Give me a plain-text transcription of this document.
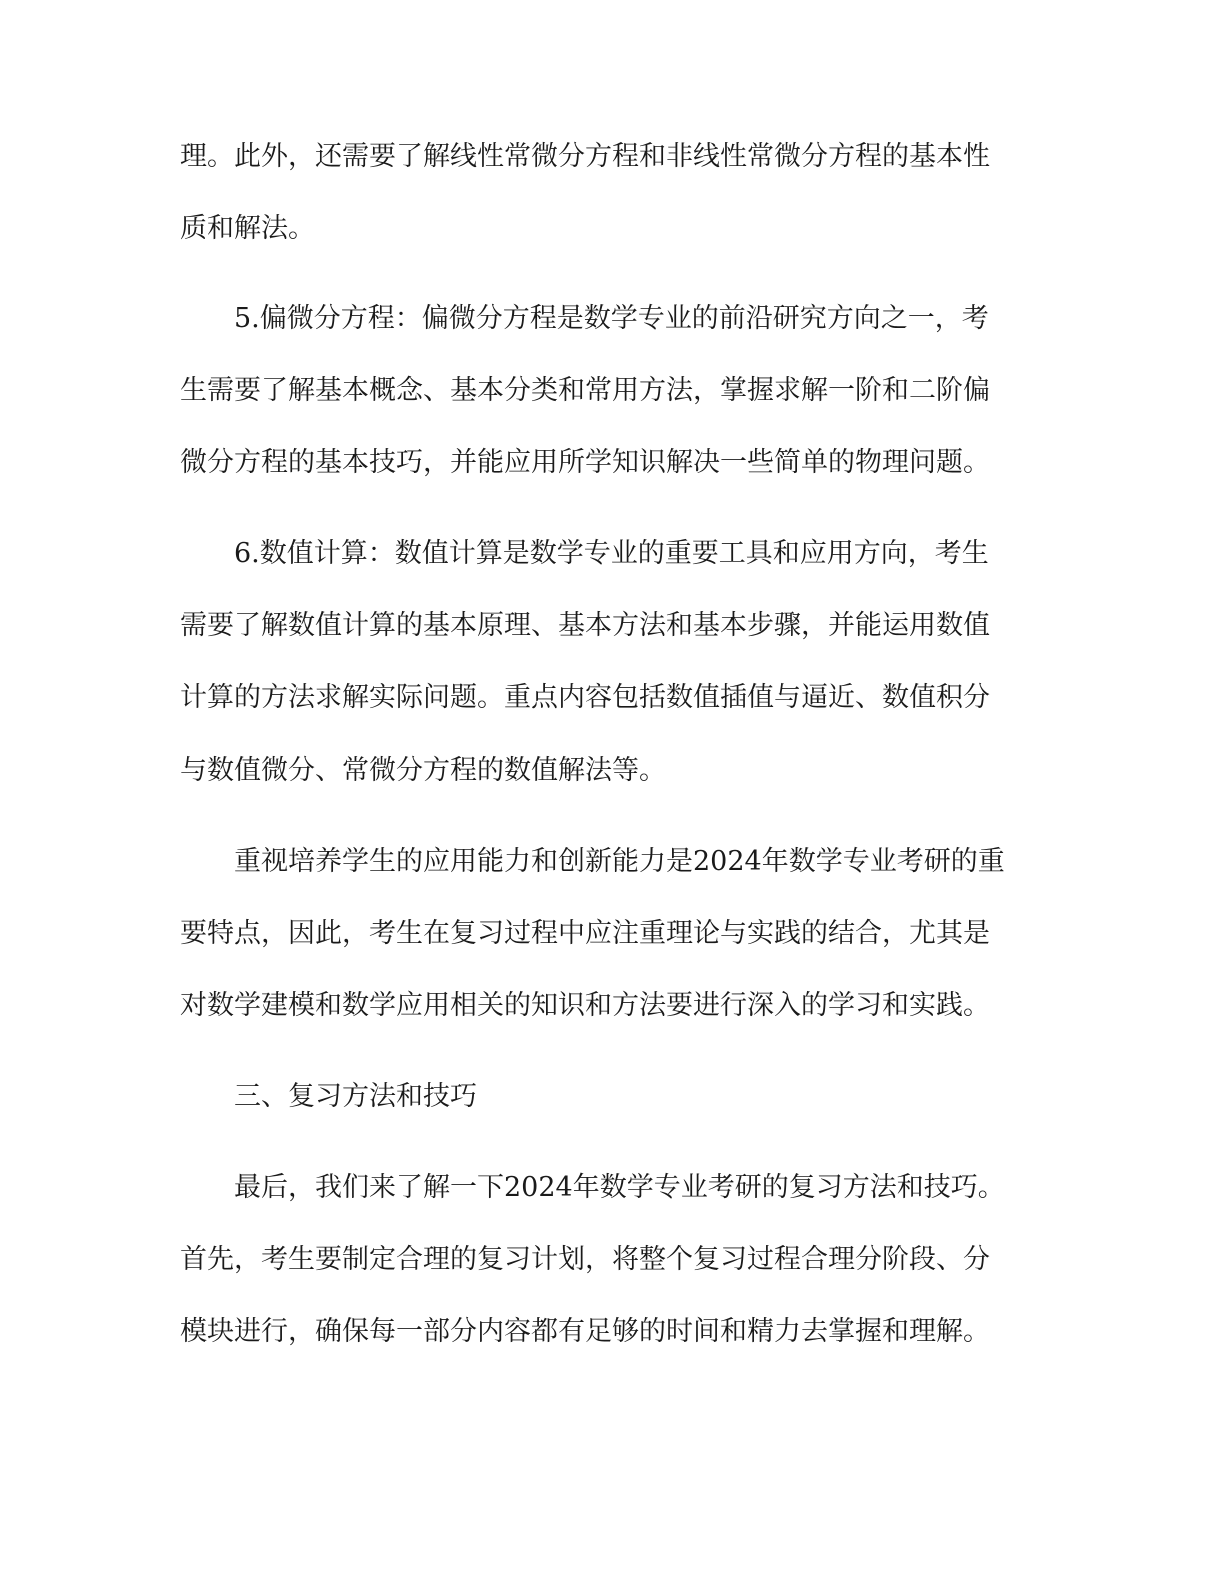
理。此外，还需要了解线性常微分方程和非线性常微分方程的基本性

质和解法。

5.偏微分方程：偏微分方程是数学专业的前沿研究方向之一，考

生需要了解基本概念、基本分类和常用方法，掌握求解一阶和二阶偏

微分方程的基本技巧，并能应用所学知识解决一些简单的物理问题。

6.数值计算：数值计算是数学专业的重要工具和应用方向，考生

需要了解数值计算的基本原理、基本方法和基本步骤，并能运用数值

计算的方法求解实际问题。重点内容包括数值插值与逼近、数值积分

与数值微分、常微分方程的数值解法等。

重视培养学生的应用能力和创新能力是2024年数学专业考研的重

要特点，因此，考生在复习过程中应注重理论与实践的结合，尤其是

对数学建模和数学应用相关的知识和方法要进行深入的学习和实践。

三、复习方法和技巧

最后，我们来了解一下2024年数学专业考研的复习方法和技巧。

首先，考生要制定合理的复习计划，将整个复习过程合理分阶段、分

模块进行，确保每一部分内容都有足够的时间和精力去掌握和理解。
